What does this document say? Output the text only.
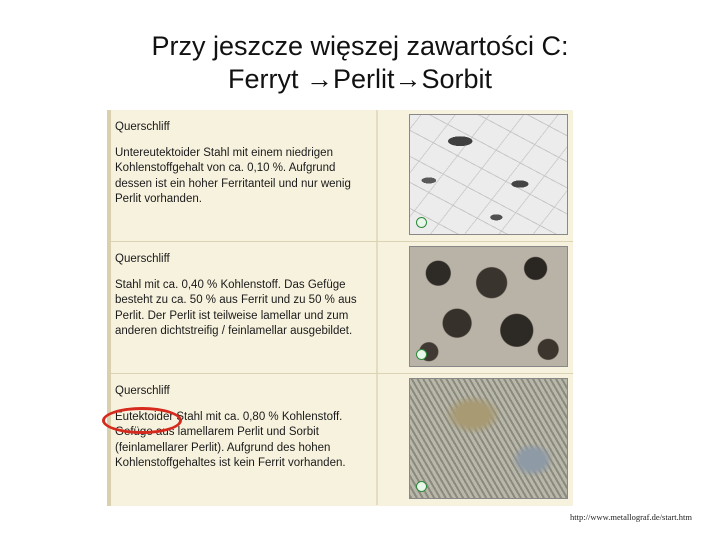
Przy jeszcze więszej zawartości C:
Ferryt →Perlit→Sorbit
Querschliff
Untereutektoider Stahl mit einem niedrigen Kohlenstoffgehalt von ca. 0,10 %. Aufgrund dessen ist ein hoher Ferritanteil und nur wenig Perlit vorhanden.
Querschliff
Stahl mit ca. 0,40 % Kohlenstoff. Das Gefüge besteht zu ca. 50 % aus Ferrit und zu 50 % aus Perlit. Der Perlit ist teilweise lamellar und zum anderen dichtstreifig / feinlamellar ausgebildet.
Querschliff
Eutektoider Stahl mit ca. 0,80 % Kohlenstoff. Gefüge aus lamellarem Perlit und Sorbit (feinlamellarer Perlit). Aufgrund des hohen Kohlenstoffgehaltes ist kein Ferrit vorhanden.
http://www.metallograf.de/start.htm
